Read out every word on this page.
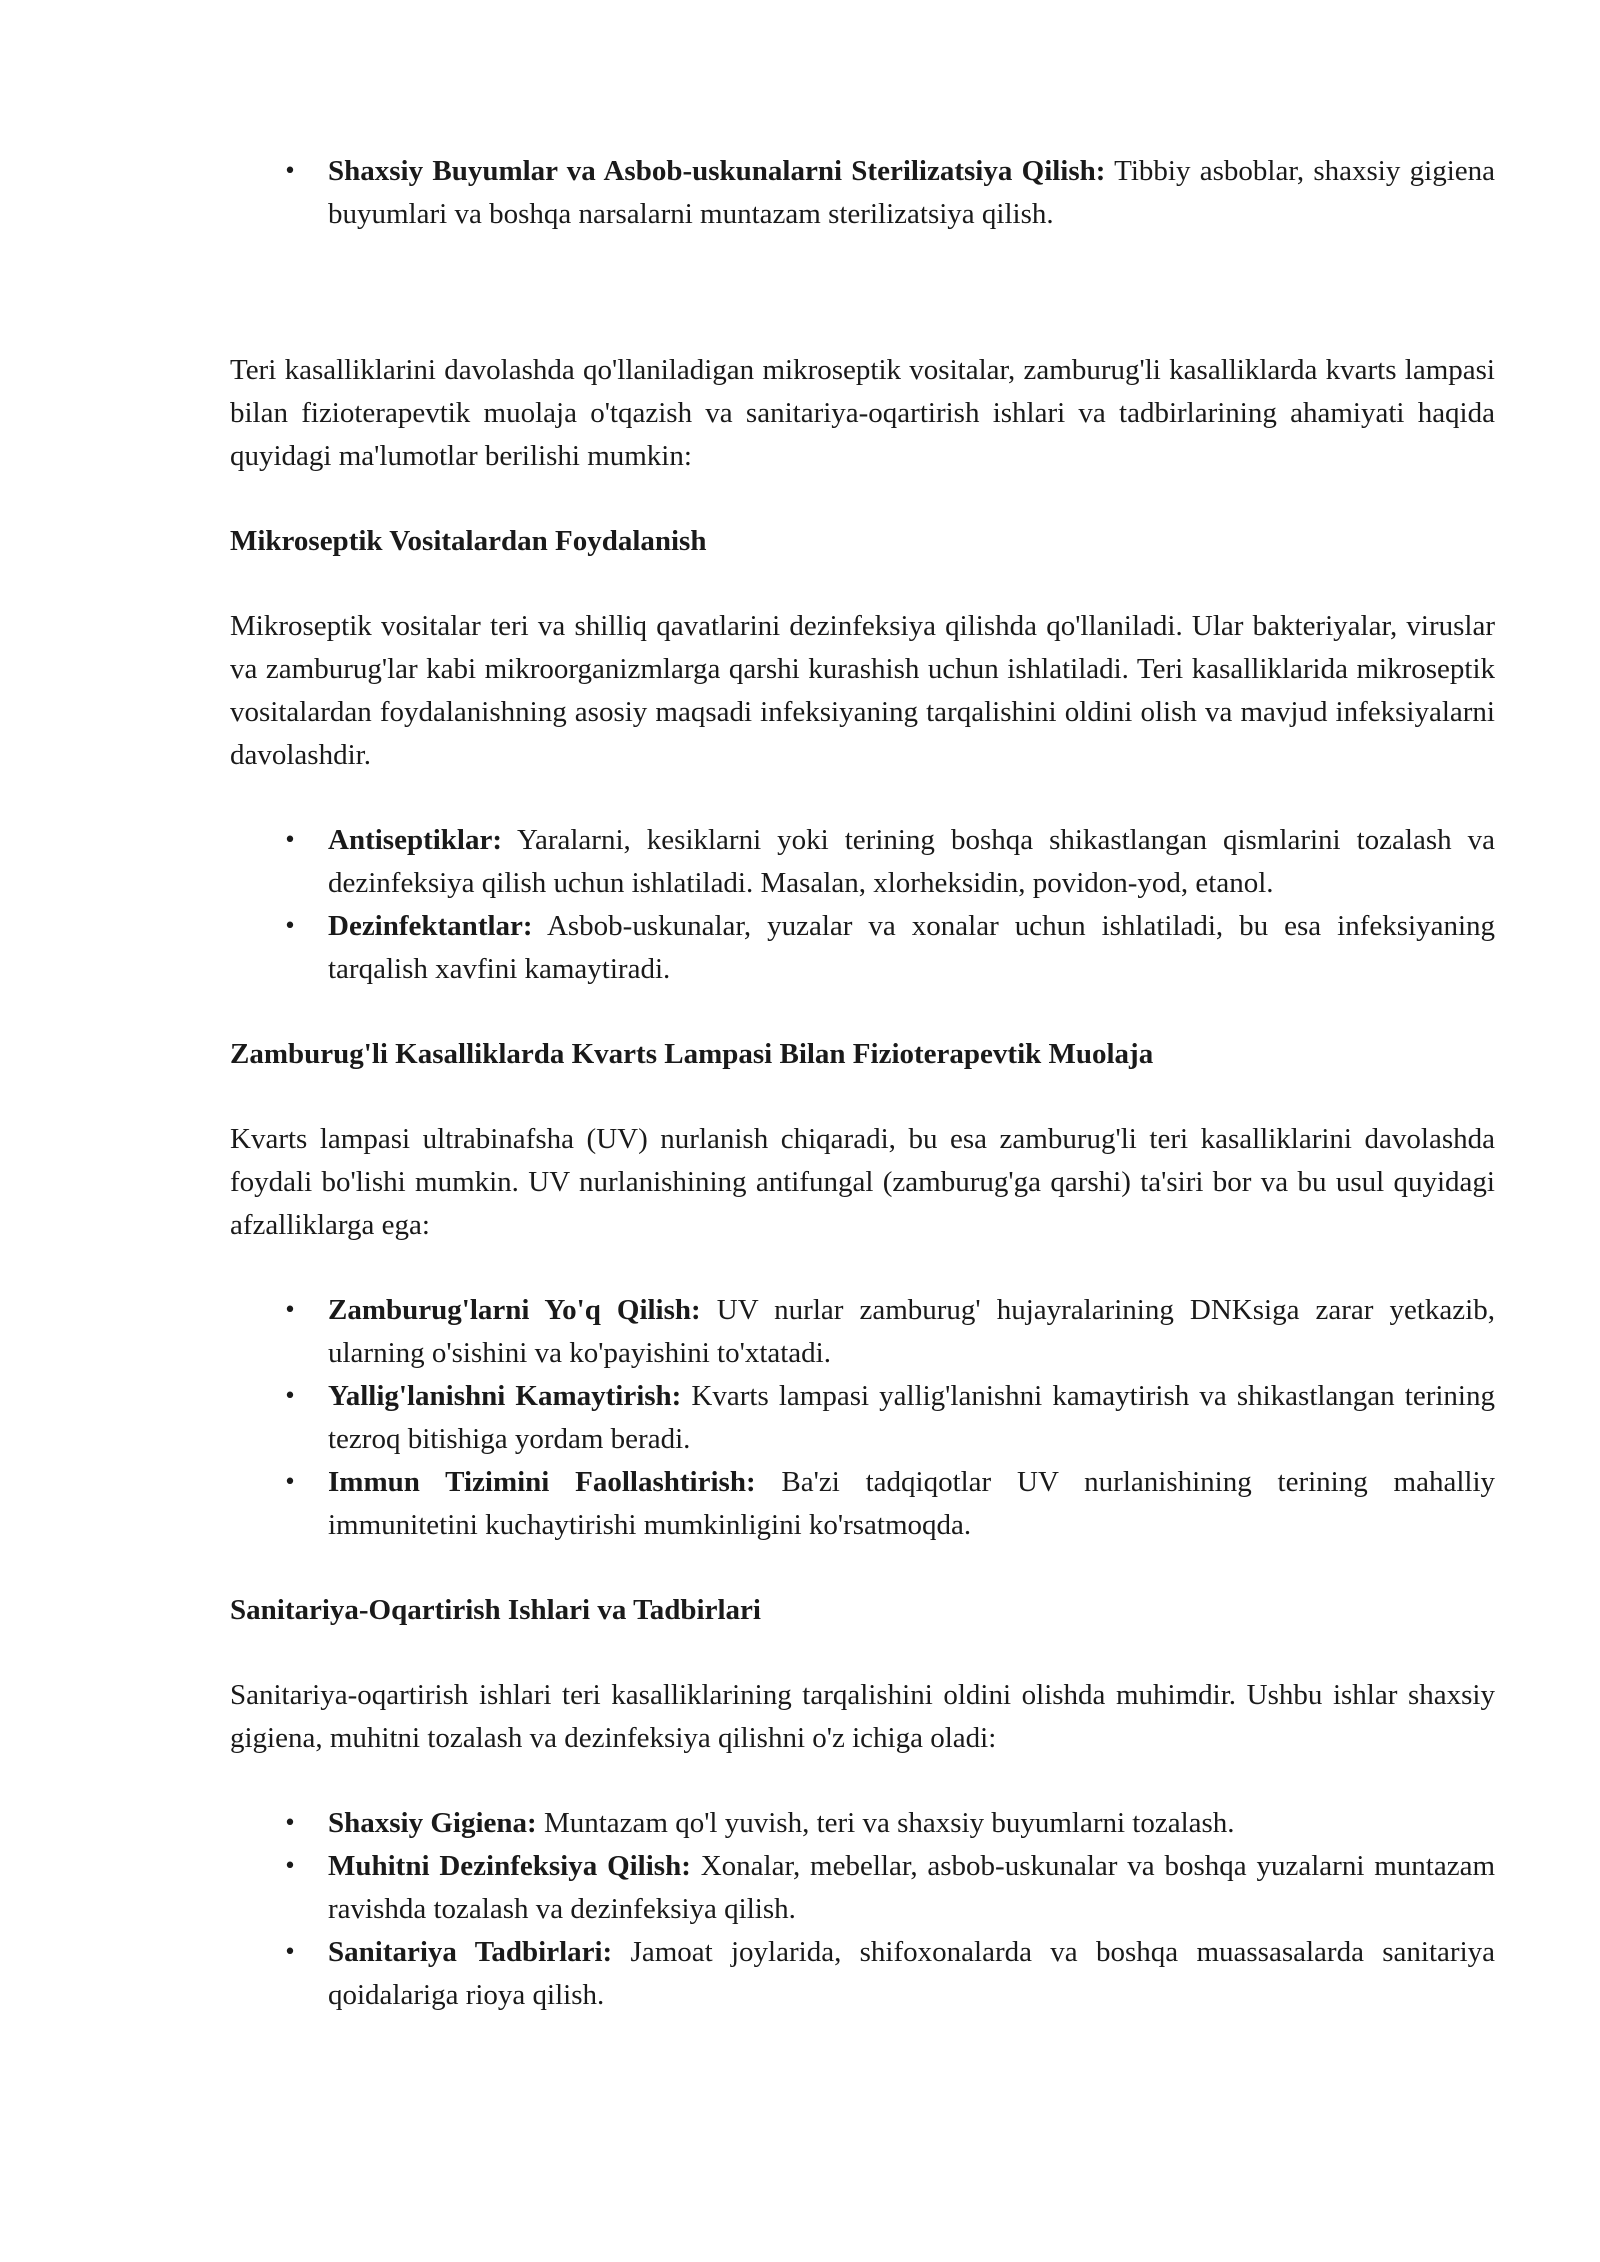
• Shaxsiy Buyumlar va Asbob-uskunalarni Sterilizatsiya Qilish: Tibbiy asboblar, shaxsiy gigiena buyumlari va boshqa narsalarni muntazam sterilizatsiya qilish.

Teri kasalliklarini davolashda qo'llaniladigan mikroseptik vositalar, zamburug'li kasalliklarda kvarts lampasi bilan fizioterapevtik muolaja o'tqazish va sanitariya-oqartirish ishlari va tadbirlarining ahamiyati haqida quyidagi ma'lumotlar berilishi mumkin:

Mikroseptik Vositalardan Foydalanish

Mikroseptik vositalar teri va shilliq qavatlarini dezinfeksiya qilishda qo'llaniladi. Ular bakteriyalar, viruslar va zamburug'lar kabi mikroorganizmlarga qarshi kurashish uchun ishlatiladi. Teri kasalliklarida mikroseptik vositalardan foydalanishning asosiy maqsadi infeksiyaning tarqalishini oldini olish va mavjud infeksiyalarni davolashdir.

• Antiseptiklar: Yaralarni, kesiklarni yoki terining boshqa shikastlangan qismlarini tozalash va dezinfeksiya qilish uchun ishlatiladi. Masalan, xlorheksidin, povidon-yod, etanol.
• Dezinfektantlar: Asbob-uskunalar, yuzalar va xonalar uchun ishlatiladi, bu esa infeksiyaning tarqalish xavfini kamaytiradi.
Zamburug'li Kasalliklarda Kvarts Lampasi Bilan Fizioterapevtik Muolaja

Kvarts lampasi ultrabinafsha (UV) nurlanish chiqaradi, bu esa zamburug'li teri kasalliklarini davolashda foydali bo'lishi mumkin. UV nurlanishining antifungal (zamburug'ga qarshi) ta'siri bor va bu usul quyidagi afzalliklarga ega:

• Zamburug'larni Yo'q Qilish: UV nurlar zamburug' hujayralarining DNKsiga zarar yetkazib, ularning o'sishini va ko'payishini to'xtatadi.
• Yallig'lanishni Kamaytirish: Kvarts lampasi yallig'lanishni kamaytirish va shikastlangan terining tezroq bitishiga yordam beradi.
• Immun Tizimini Faollashtirish: Ba'zi tadqiqotlar UV nurlanishining terining mahalliy immunitetini kuchaytirishi mumkinligini ko'rsatmoqda.
Sanitariya-Oqartirish Ishlari va Tadbirlari

Sanitariya-oqartirish ishlari teri kasalliklarining tarqalishini oldini olishda muhimdir. Ushbu ishlar shaxsiy gigiena, muhitni tozalash va dezinfeksiya qilishni o'z ichiga oladi:

• Shaxsiy Gigiena: Muntazam qo'l yuvish, teri va shaxsiy buyumlarni tozalash.
• Muhitni Dezinfeksiya Qilish: Xonalar, mebellar, asbob-uskunalar va boshqa yuzalarni muntazam ravishda tozalash va dezinfeksiya qilish.
• Sanitariya Tadbirlari: Jamoat joylarida, shifoxonalarda va boshqa muassasalarda sanitariya qoidalariga rioya qilish.
